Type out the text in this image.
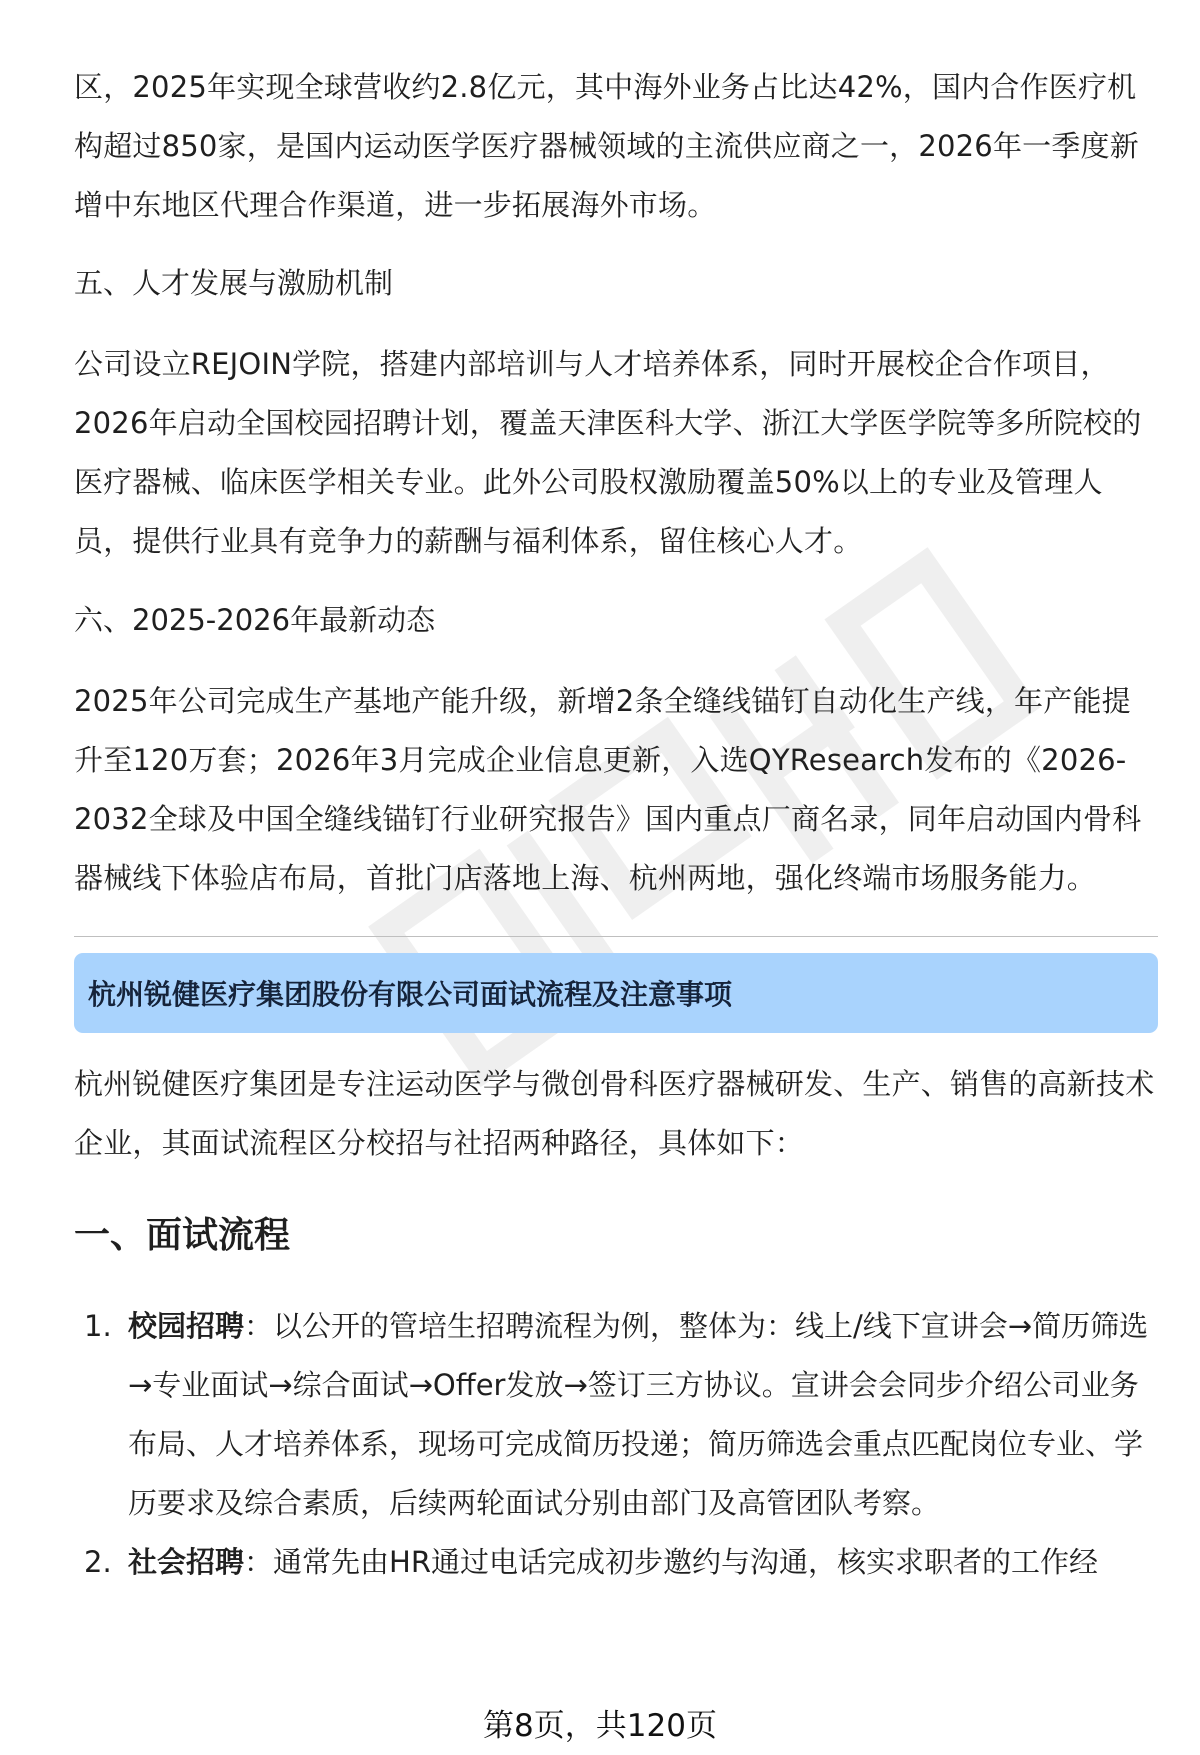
区，2025年实现全球营收约2.8亿元，其中海外业务占比达42%，国内合作医疗机构超过850家，是国内运动医学医疗器械领域的主流供应商之一，2026年一季度新增中东地区代理合作渠道，进一步拓展海外市场。

五、人才发展与激励机制

公司设立REJOIN学院，搭建内部培训与人才培养体系，同时开展校企合作项目，2026年启动全国校园招聘计划，覆盖天津医科大学、浙江大学医学院等多所院校的医疗器械、临床医学相关专业。此外公司股权激励覆盖50%以上的专业及管理人员，提供行业具有竞争力的薪酬与福利体系，留住核心人才。

六、2025-2026年最新动态

2025年公司完成生产基地产能升级，新增2条全缝线锚钉自动化生产线，年产能提升至120万套；2026年3月完成企业信息更新，入选QYResearch发布的《2026-2032全球及中国全缝线锚钉行业研究报告》国内重点厂商名录，同年启动国内骨科器械线下体验店布局，首批门店落地上海、杭州两地，强化终端市场服务能力。

杭州锐健医疗集团股份有限公司面试流程及注意事项

杭州锐健医疗集团是专注运动医学与微创骨科医疗器械研发、生产、销售的高新技术企业，其面试流程区分校招与社招两种路径，具体如下：

一、面试流程
1. 校园招聘：以公开的管培生招聘流程为例，整体为：线上/线下宣讲会→简历筛选→专业面试→综合面试→Offer发放→签订三方协议。宣讲会会同步介绍公司业务布局、人才培养体系，现场可完成简历投递；简历筛选会重点匹配岗位专业、学历要求及综合素质，后续两轮面试分别由部门及高管团队考察。
2. 社会招聘：通常先由HR通过电话完成初步邀约与沟通，核实求职者的工作经
第8页，共120页
